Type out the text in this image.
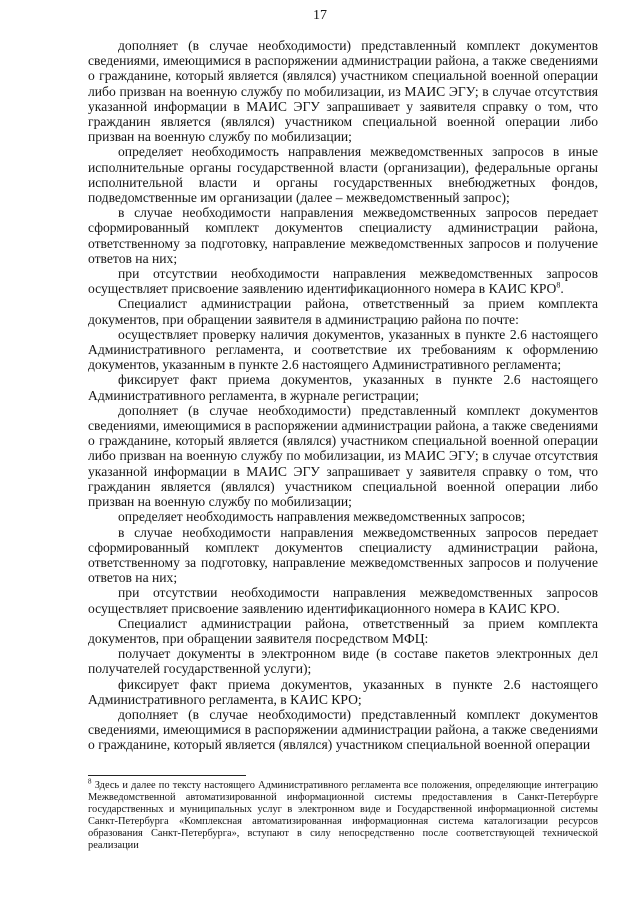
17

дополняет (в случае необходимости) представленный комплект документов сведениями, имеющимися в распоряжении администрации района, а также сведениями о гражданине, который является (являлся) участником специальной военной операции либо призван на военную службу по мобилизации, из МАИС ЭГУ; в случае отсутствия указанной информации в МАИС ЭГУ запрашивает у заявителя справку о том, что гражданин является (являлся) участником специальной военной операции либо призван на военную службу по мобилизации;

определяет необходимость направления межведомственных запросов в иные исполнительные органы государственной власти (организации), федеральные органы исполнительной власти и органы государственных внебюджетных фондов, подведомственные им организации (далее – межведомственный запрос);

в случае необходимости направления межведомственных запросов передает сформированный комплект документов специалисту администрации района, ответственному за подготовку, направление межведомственных запросов и получение ответов на них;

при отсутствии необходимости направления межведомственных запросов осуществляет присвоение заявлению идентификационного номера в КАИС КРО$^8$.

Специалист администрации района, ответственный за прием комплекта документов, при обращении заявителя в администрацию района по почте:

осуществляет проверку наличия документов, указанных в пункте 2.6 настоящего Административного регламента, и соответствие их требованиям к оформлению документов, указанным в пункте 2.6 настоящего Административного регламента;

фиксирует факт приема документов, указанных в пункте 2.6 настоящего Административного регламента, в журнале регистрации;

дополняет (в случае необходимости) представленный комплект документов сведениями, имеющимися в распоряжении администрации района, а также сведениями о гражданине, который является (являлся) участником специальной военной операции либо призван на военную службу по мобилизации, из МАИС ЭГУ; в случае отсутствия указанной информации в МАИС ЭГУ запрашивает у заявителя справку о том, что гражданин является (являлся) участником специальной военной операции либо призван на военную службу по мобилизации;

определяет необходимость направления межведомственных запросов;

в случае необходимости направления межведомственных запросов передает сформированный комплект документов специалисту администрации района, ответственному за подготовку, направление межведомственных запросов и получение ответов на них;

при отсутствии необходимости направления межведомственных запросов осуществляет присвоение заявлению идентификационного номера в КАИС КРО.

Специалист администрации района, ответственный за прием комплекта документов, при обращении заявителя посредством МФЦ:

получает документы в электронном виде (в составе пакетов электронных дел получателей государственной услуги);

фиксирует факт приема документов, указанных в пункте 2.6 настоящего Административного регламента, в КАИС КРО;

дополняет (в случае необходимости) представленный комплект документов сведениями, имеющимися в распоряжении администрации района, а также сведениями о гражданине, который является (являлся) участником специальной военной операции

$^8$ Здесь и далее по тексту настоящего Административного регламента все положения, определяющие интеграцию Межведомственной автоматизированной информационной системы предоставления в Санкт-Петербурге государственных и муниципальных услуг в электронном виде и Государственной информационной системы Санкт-Петербурга «Комплексная автоматизированная информационная система каталогизации ресурсов образования Санкт-Петербурга», вступают в силу непосредственно после соответствующей технической реализации
